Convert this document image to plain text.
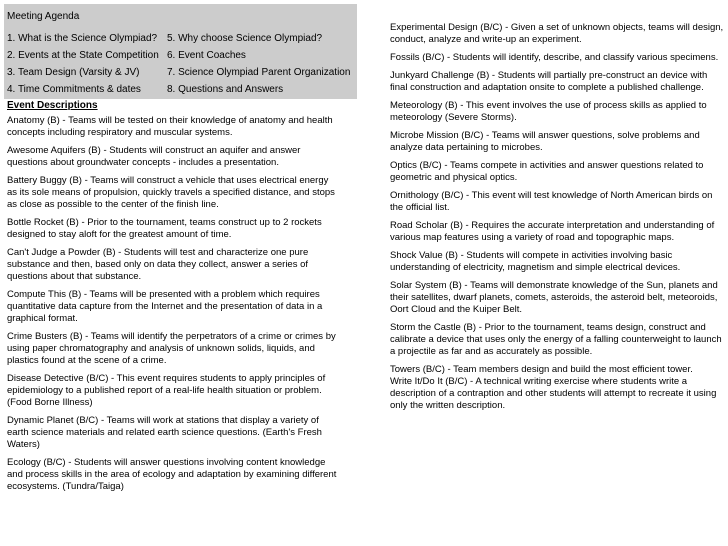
Meeting Agenda
1. What is the Science Olympiad? 5. Why choose Science Olympiad?
2. Events at the State Competition 6. Event Coaches
3. Team Design (Varsity & JV)	7. Science Olympiad Parent Organization
4. Time Commitments & dates	8. Questions and Answers
Event Descriptions

Anatomy (B) - Teams will be tested on their knowledge of anatomy and health concepts including respiratory and muscular systems.

Awesome Aquifers (B) - Students will construct an aquifer and answer questions about groundwater concepts - includes a presentation.

Battery Buggy (B) - Teams will construct a vehicle that uses electrical energy as its sole means of propulsion, quickly travels a specified distance, and stops as close as possible to the center of the finish line.

Bottle Rocket (B) - Prior to the tournament, teams construct up to 2 rockets designed to stay aloft for the greatest amount of time.

Can't Judge a Powder (B) - Students will test and characterize one pure substance and then, based only on data they collect, answer a series of questions about that substance.

Compute This (B) - Teams will be presented with a problem which requires quantitative data capture from the Internet and the presentation of data in a graphical format.

Crime Busters (B) - Teams will identify the perpetrators of a crime or crimes by using paper chromatography and analysis of unknown solids, liquids, and plastics found at the scene of a crime.

Disease Detective (B/C) - This event requires students to apply principles of epidemiology to a published report of a real-life health situation or problem. (Food Borne Illness)

Dynamic Planet (B/C) - Teams will work at stations that display a variety of earth science materials and related earth science questions. (Earth's Fresh Waters)

Ecology (B/C) - Students will answer questions involving content knowledge and process skills in the area of ecology and adaptation by examining different ecosystems. (Tundra/Taiga)

Experimental Design (B/C) - Given a set of unknown objects, teams will design, conduct, analyze and write-up an experiment.

Fossils (B/C) - Students will identify, describe, and classify various specimens.

Junkyard Challenge (B) - Students will partially pre-construct an device with final construction and adaptation onsite to complete a published challenge.

Meteorology (B) - This event involves the use of process skills as applied to meteorology (Severe Storms).

Microbe Mission (B/C) - Teams will answer questions, solve problems and analyze data pertaining to microbes.

Optics (B/C) - Teams compete in activities and answer questions related to geometric and physical optics.

Ornithology (B/C) - This event will test knowledge of North American birds on the official list.

Road Scholar (B) - Requires the accurate interpretation and understanding of various map features using a variety of road and topographic maps.

Shock Value (B) - Students will compete in activities involving basic understanding of electricity, magnetism and simple electrical devices.

Solar System (B) - Teams will demonstrate knowledge of the Sun, planets and their satellites, dwarf planets, comets, asteroids, the asteroid belt, meteoroids, Oort Cloud and the Kuiper Belt.

Storm the Castle (B) - Prior to the tournament, teams design, construct and calibrate a device that uses only the energy of a falling counterweight to launch a projectile as far and as accurately as possible.

Towers (B/C) - Team members design and build the most efficient tower.

Write It/Do It (B/C) - A technical writing exercise where students write a description of a contraption and other students will attempt to recreate it using only the written description.
